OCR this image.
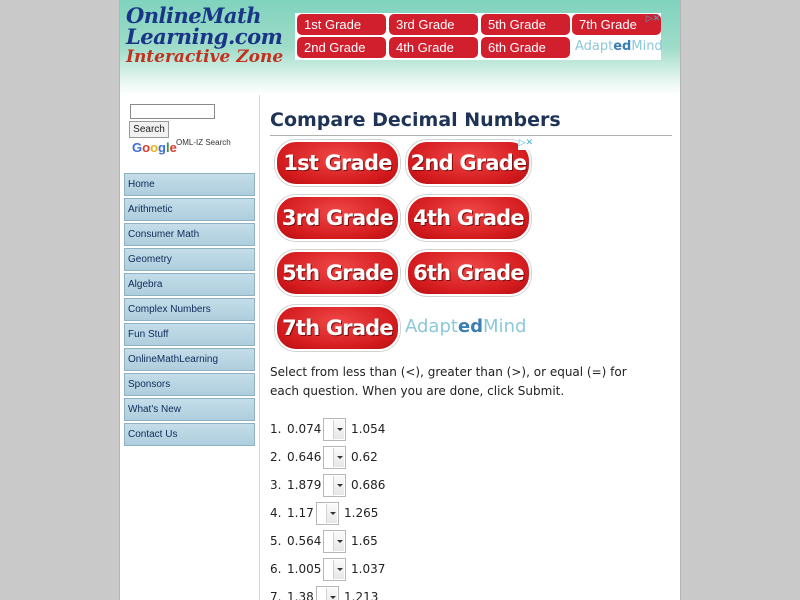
OnlineMath
Learning.com
Interactive Zone
1st Grade	3rd Grade	5th Grade	7th Grade
2nd Grade	4th Grade	6th Grade	AdaptedMind
▷✕
Search
Google OML-IZ Search
Home
Arithmetic
Consumer Math
Geometry
Algebra
Complex Numbers
Fun Stuff
OnlineMathLearning
Sponsors
What's New
Contact Us
Compare Decimal Numbers
1st Grade 2nd Grade
3rd Grade 4th Grade
5th Grade 6th Grade
7th Grade AdaptedMind
▷✕
Select from less than (<), greater than (>), or equal (=) for each question. When you are done, click Submit.
1. 0.074 1.054
2. 0.646 0.62
3. 1.879 0.686
4. 1.17	1.265
5. 0.564 1.65
6. 1.005 1.037
7. 1.38	1.213
